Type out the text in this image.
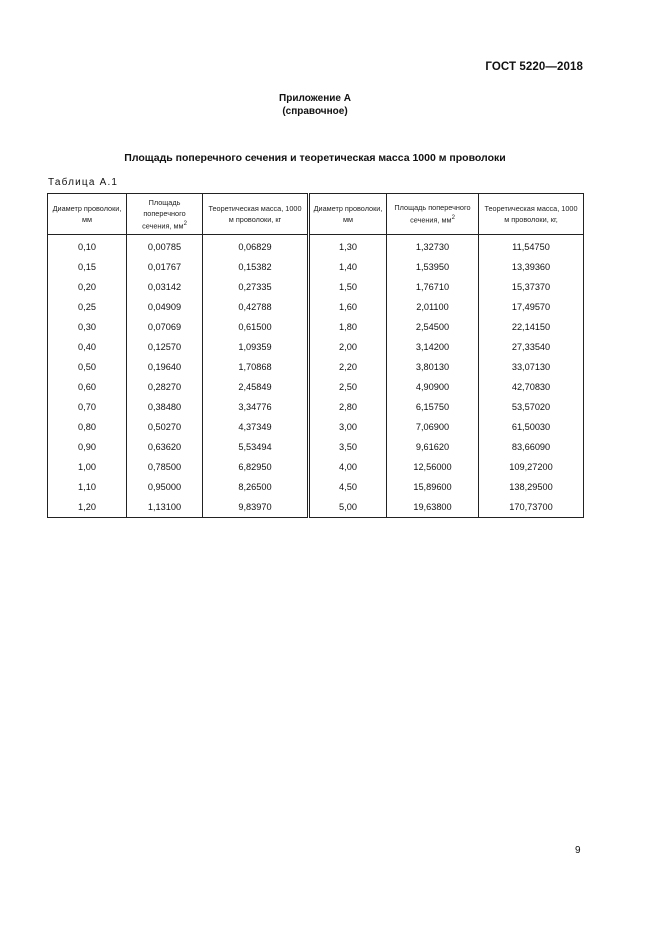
ГОСТ 5220—2018
Приложение А
(справочное)
Площадь поперечного сечения и теоретическая масса 1000 м проволоки
Таблица А.1
Диаметр проволоки, мм	Площадь поперечного сечения, $мм^2$	Теоретическая масса, 1000 м проволоки, кг	Диаметр проволоки, мм	Площадь поперечного сечения, $мм^2$	Теоретическая масса, 1000 м проволоки, кг,
0,10	0,00785	0,06829	1,30	1,32730	11,54750
0,15	0,01767	0,15382	1,40	1,53950	13,39360
0,20	0,03142	0,27335	1,50	1,76710	15,37370
0,25	0,04909	0,42788	1,60	2,01100	17,49570
0,30	0,07069	0,61500	1,80	2,54500	22,14150
0,40	0,12570	1,09359	2,00	3,14200	27,33540
0,50	0,19640	1,70868	2,20	3,80130	33,07130
0,60	0,28270	2,45849	2,50	4,90900	42,70830
0,70	0,38480	3,34776	2,80	6,15750	53,57020
0,80	0,50270	4,37349	3,00	7,06900	61,50030
0,90	0,63620	5,53494	3,50	9,61620	83,66090
1,00	0,78500	6,82950	4,00	12,56000	109,27200
1,10	0,95000	8,26500	4,50	15,89600	138,29500
1,20	1,13100	9,83970	5,00	19,63800	170,73700
9
